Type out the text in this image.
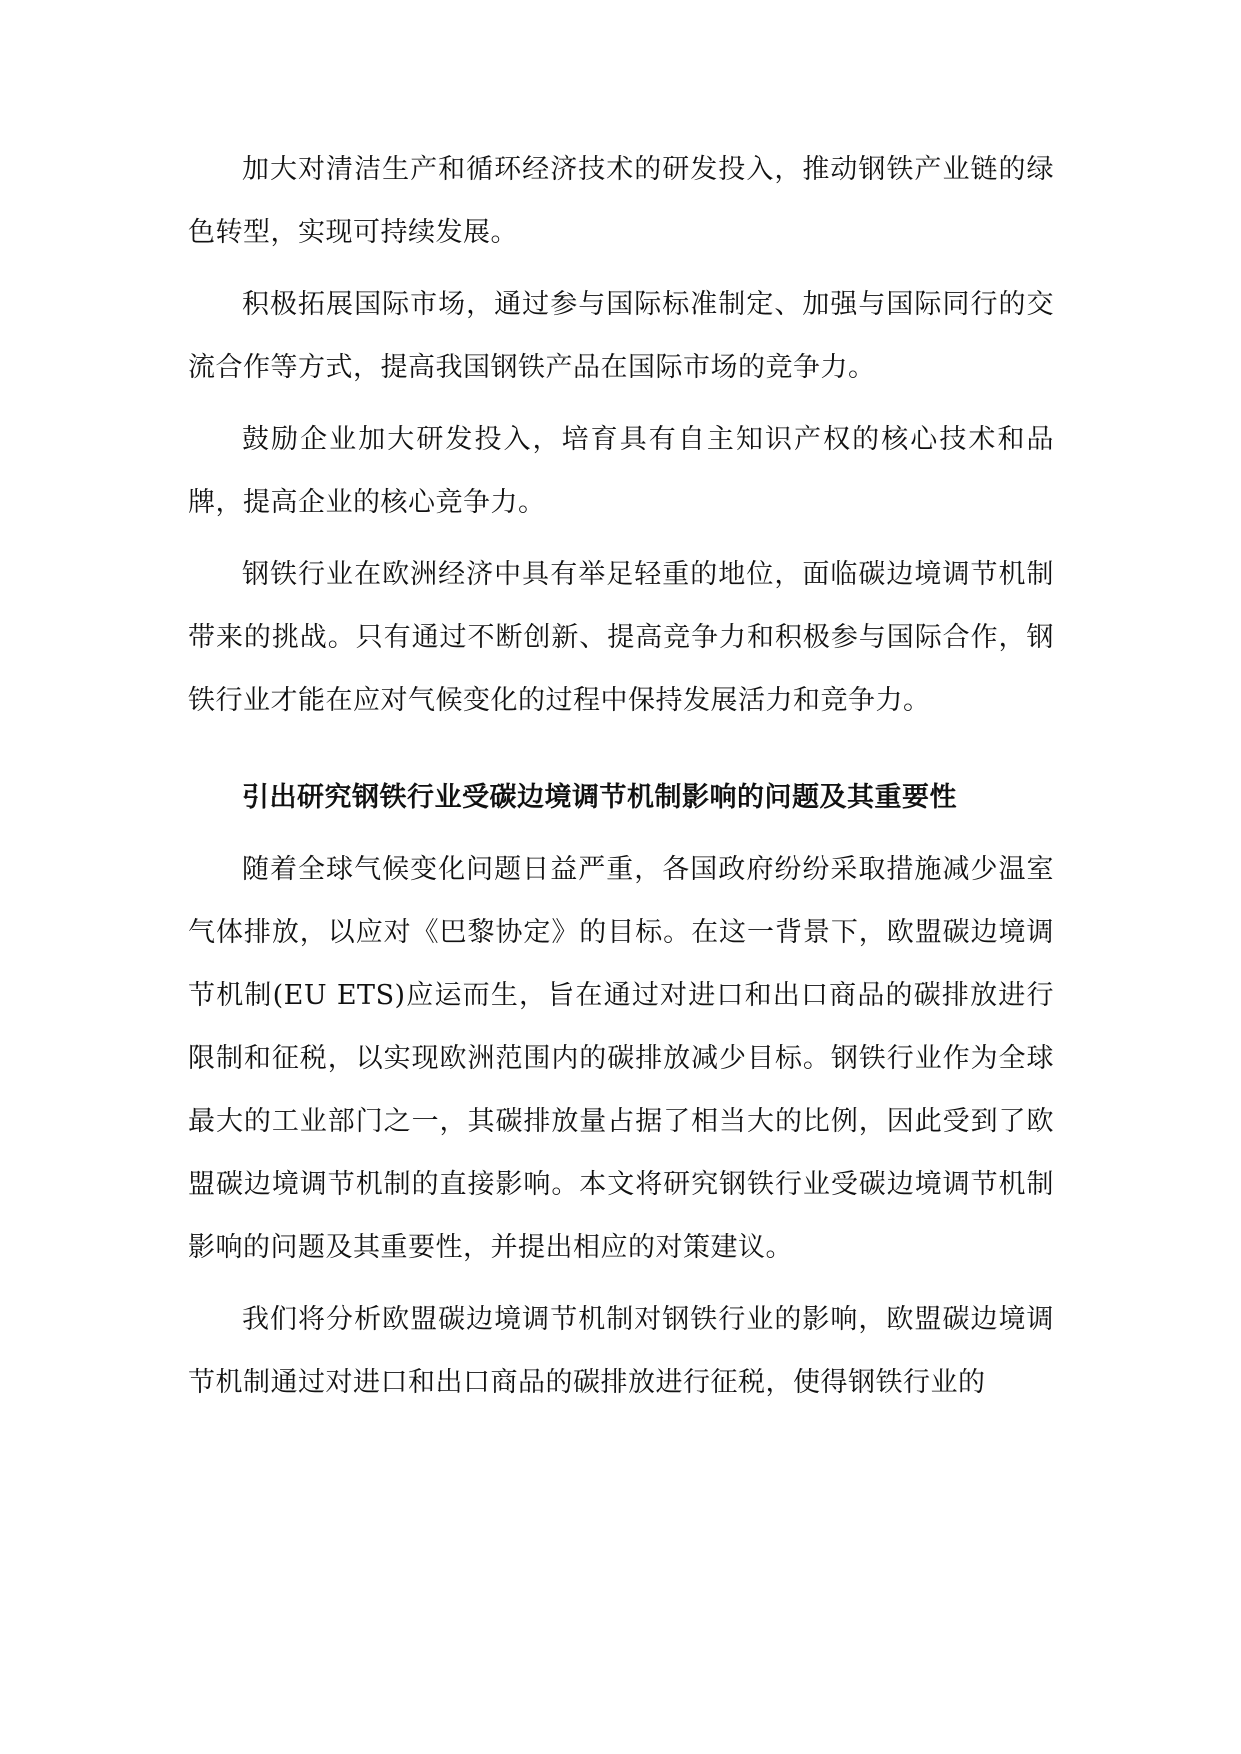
加大对清洁生产和循环经济技术的研发投入，推动钢铁产业链的绿色转型，实现可持续发展。

积极拓展国际市场，通过参与国际标准制定、加强与国际同行的交流合作等方式，提高我国钢铁产品在国际市场的竞争力。

鼓励企业加大研发投入，培育具有自主知识产权的核心技术和品牌，提高企业的核心竞争力。

钢铁行业在欧洲经济中具有举足轻重的地位，面临碳边境调节机制带来的挑战。只有通过不断创新、提高竞争力和积极参与国际合作，钢铁行业才能在应对气候变化的过程中保持发展活力和竞争力。

引出研究钢铁行业受碳边境调节机制影响的问题及其重要性

随着全球气候变化问题日益严重，各国政府纷纷采取措施减少温室气体排放，以应对《巴黎协定》的目标。在这一背景下，欧盟碳边境调节机制(EU ETS)应运而生，旨在通过对进口和出口商品的碳排放进行限制和征税，以实现欧洲范围内的碳排放减少目标。钢铁行业作为全球最大的工业部门之一，其碳排放量占据了相当大的比例，因此受到了欧盟碳边境调节机制的直接影响。本文将研究钢铁行业受碳边境调节机制影响的问题及其重要性，并提出相应的对策建议。

我们将分析欧盟碳边境调节机制对钢铁行业的影响，欧盟碳边境调节机制通过对进口和出口商品的碳排放进行征税，使得钢铁行业的
